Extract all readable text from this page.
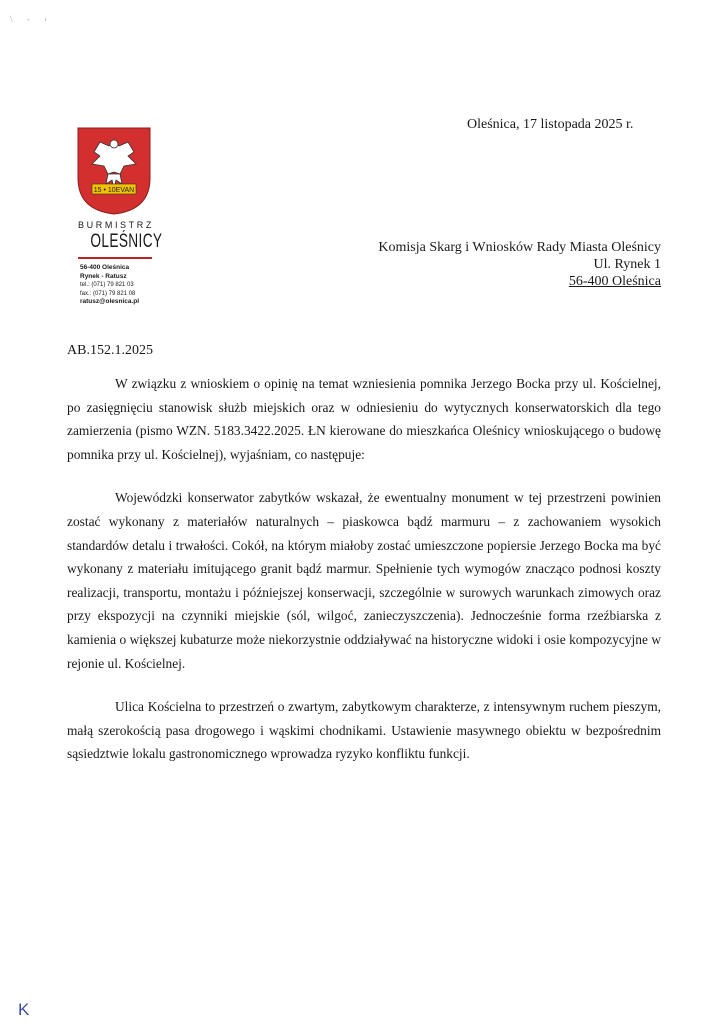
\ - ›
Oleśnica, 17 listopada 2025 r.
15 • 10EVAN
BURMISTRZ
OLEŚNICY
56-400 Oleśnica
Rynek - Ratusz
tel.: (071) 79 821 03
fax.: (071) 79 821 08
ratusz@olesnica.pl
Komisja Skarg i Wniosków Rady Miasta Oleśnicy
Ul. Rynek 1
56-400 Oleśnica
AB.152.1.2025

W związku z wnioskiem o opinię na temat wzniesienia pomnika Jerzego Bocka przy ul. Kościelnej, po zasięgnięciu stanowisk służb miejskich oraz w odniesieniu do wytycznych konserwatorskich dla tego zamierzenia (pismo WZN. 5183.3422.2025. ŁN kierowane do mieszkańca Oleśnicy wnioskującego o budowę pomnika przy ul. Kościelnej), wyjaśniam, co następuje:

Wojewódzki konserwator zabytków wskazał, że ewentualny monument w tej przestrzeni powinien zostać wykonany z materiałów naturalnych – piaskowca bądź marmuru – z zachowaniem wysokich standardów detalu i trwałości. Cokół, na którym miałoby zostać umieszczone popiersie Jerzego Bocka ma być wykonany z materiału imitującego granit bądź marmur. Spełnienie tych wymogów znacząco podnosi koszty realizacji, transportu, montażu i późniejszej konserwacji, szczególnie w surowych warunkach zimowych oraz przy ekspozycji na czynniki miejskie (sól, wilgoć, zanieczyszczenia). Jednocześnie forma rzeźbiarska z kamienia o większej kubaturze może niekorzystnie oddziaływać na historyczne widoki i osie kompozycyjne w rejonie ul. Kościelnej.

Ulica Kościelna to przestrzeń o zwartym, zabytkowym charakterze, z intensywnym ruchem pieszym, małą szerokością pasa drogowego i wąskimi chodnikami. Ustawienie masywnego obiektu w bezpośrednim sąsiedztwie lokalu gastronomicznego wprowadza ryzyko konfliktu funkcji.

K
